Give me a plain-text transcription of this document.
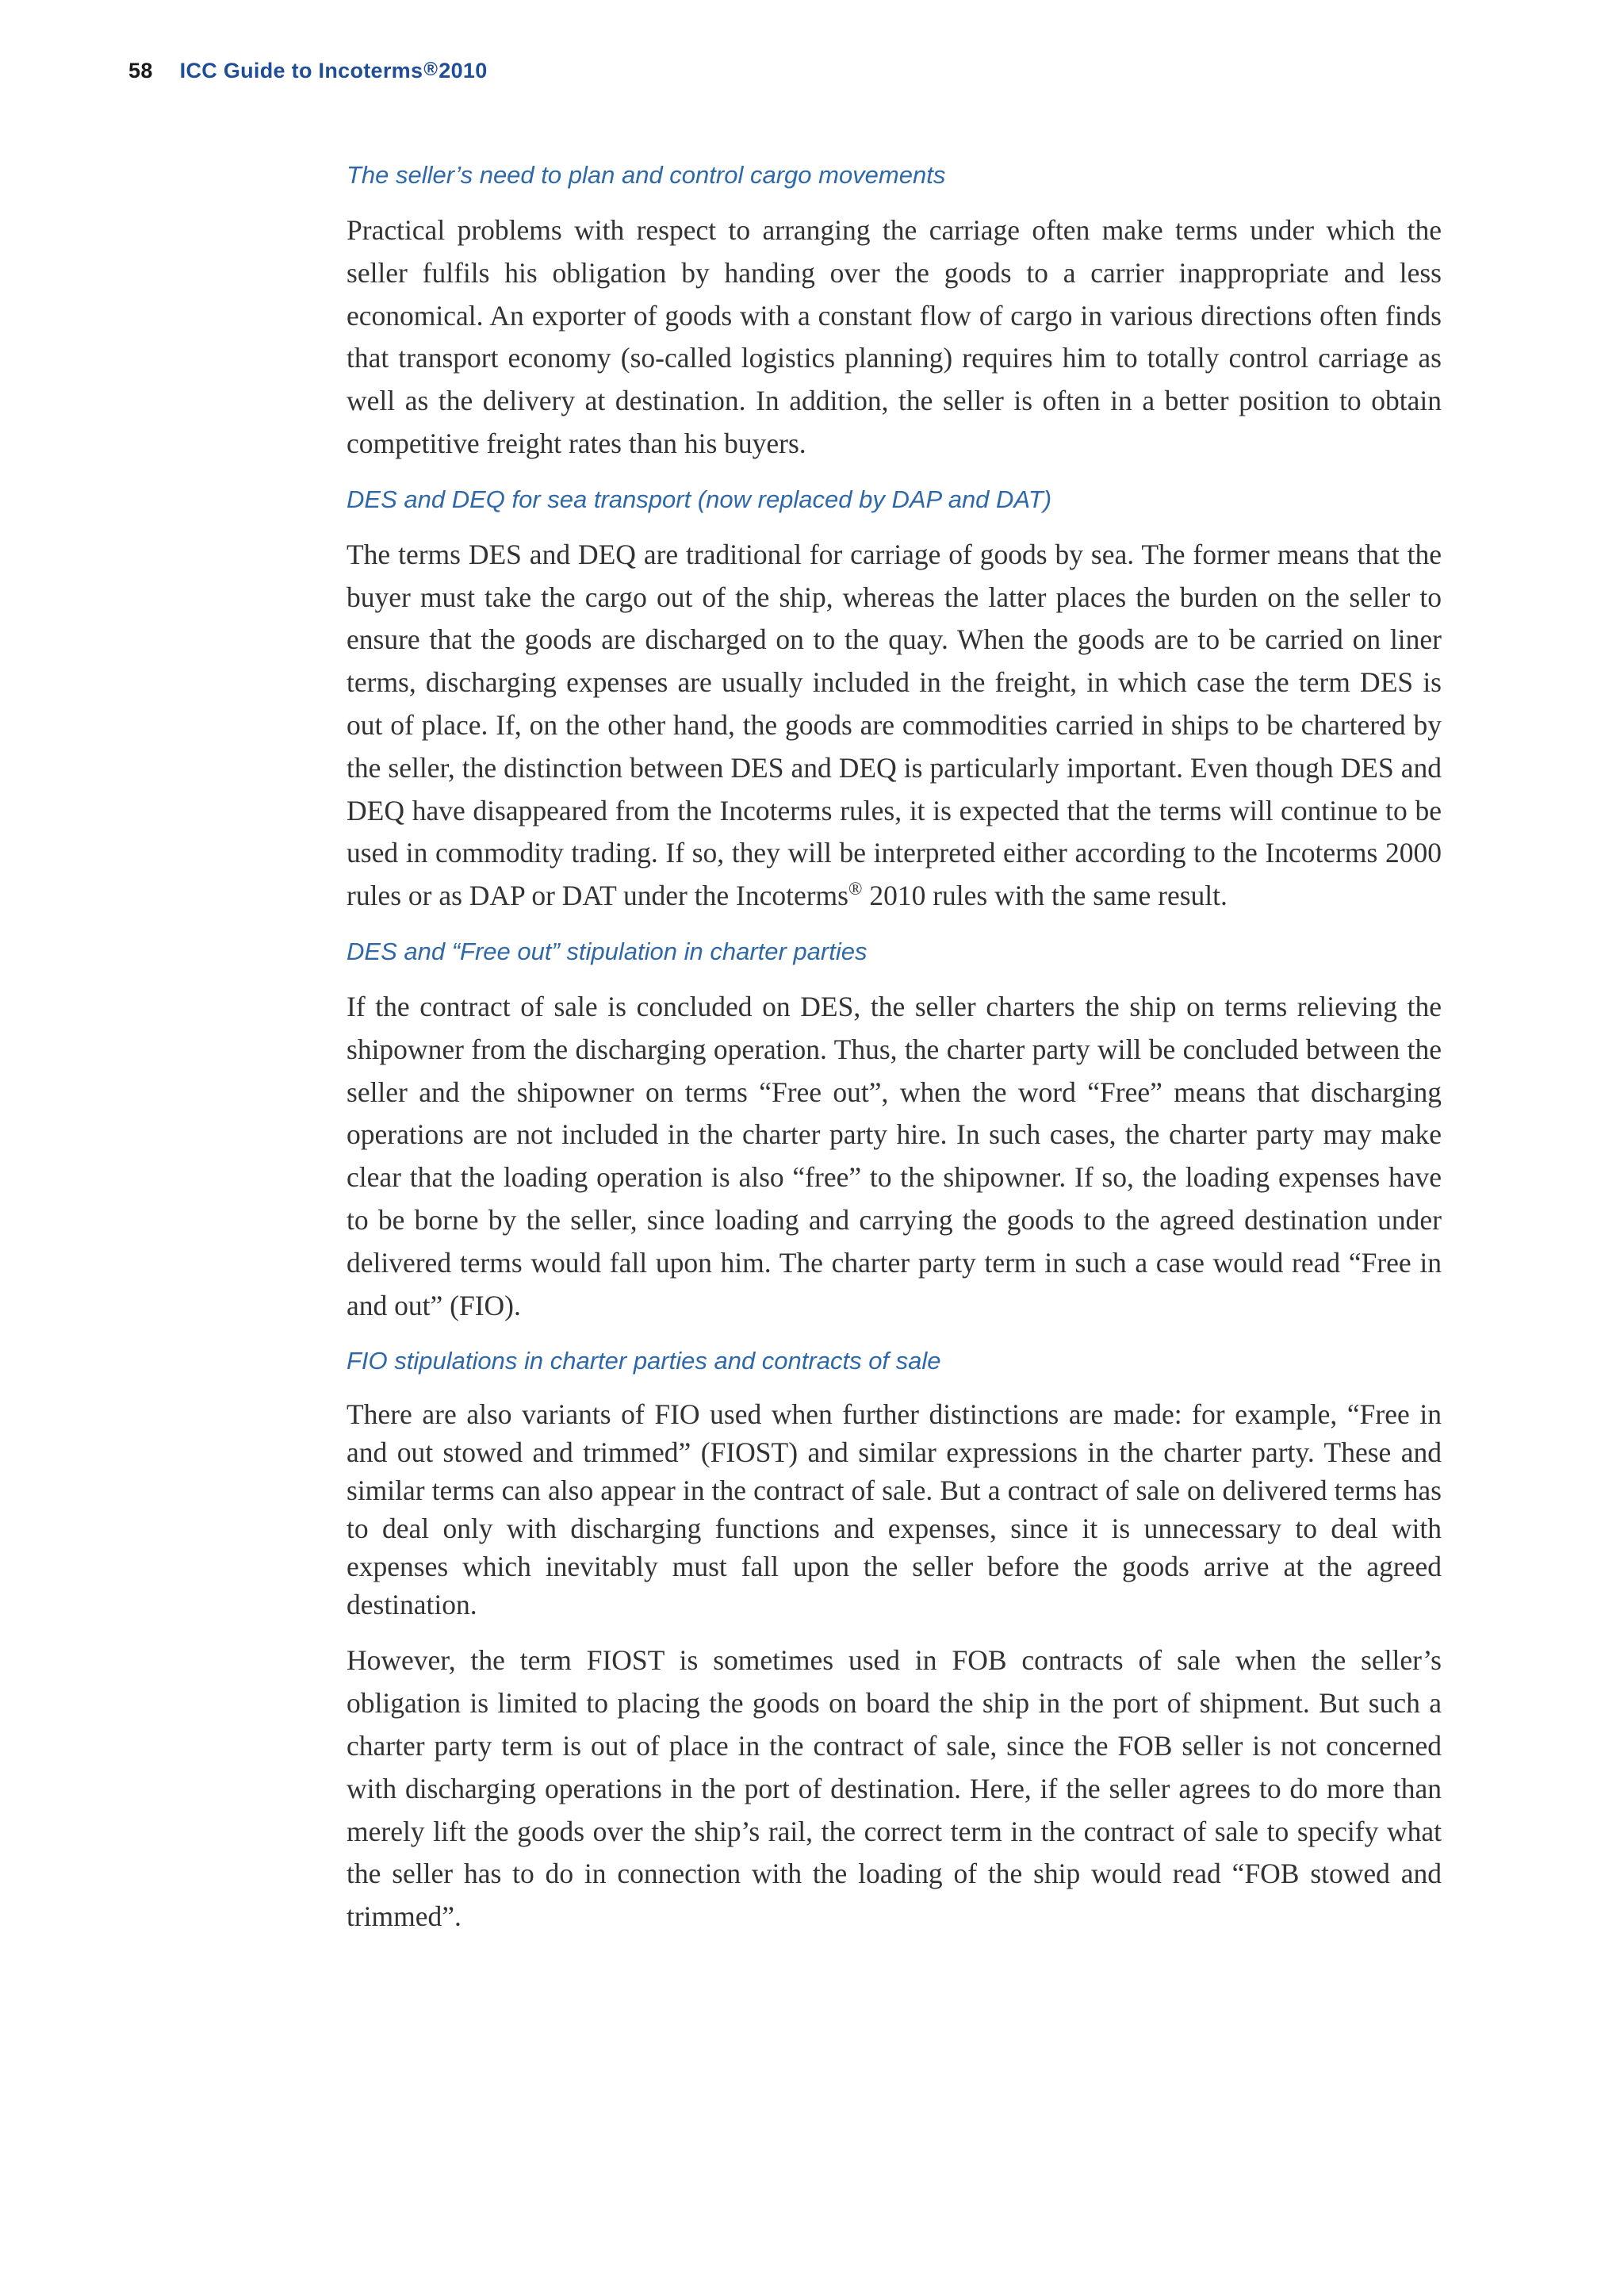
58 ICC Guide to Incoterms®2010
The seller’s need to plan and control cargo movements

Practical problems with respect to arranging the carriage often make terms under which the seller fulfils his obligation by handing over the goods to a carrier inappropriate and less economical. An exporter of goods with a constant flow of cargo in various directions often finds that transport economy (so-called logistics planning) requires him to totally control carriage as well as the delivery at destination. In addition, the seller is often in a better position to obtain competitive freight rates than his buyers.

DES and DEQ for sea transport (now replaced by DAP and DAT)

The terms DES and DEQ are traditional for carriage of goods by sea. The former means that the buyer must take the cargo out of the ship, whereas the latter places the burden on the seller to ensure that the goods are discharged on to the quay. When the goods are to be carried on liner terms, discharging expenses are usually included in the freight, in which case the term DES is out of place. If, on the other hand, the goods are commodities carried in ships to be chartered by the seller, the distinction between DES and DEQ is particularly important. Even though DES and DEQ have disappeared from the Incoterms rules, it is expected that the terms will continue to be used in commodity trading. If so, they will be interpreted either according to the Incoterms 2000 rules or as DAP or DAT under the Incoterms® 2010 rules with the same result.

DES and “Free out” stipulation in charter parties

If the contract of sale is concluded on DES, the seller charters the ship on terms relieving the shipowner from the discharging operation. Thus, the charter party will be concluded between the seller and the shipowner on terms “Free out”, when the word “Free” means that discharging operations are not included in the charter party hire. In such cases, the charter party may make clear that the loading operation is also “free” to the shipowner. If so, the loading expenses have to be borne by the seller, since loading and carrying the goods to the agreed destination under delivered terms would fall upon him. The charter party term in such a case would read “Free in and out” (FIO).

FIO stipulations in charter parties and contracts of sale

There are also variants of FIO used when further distinctions are made: for example, “Free in and out stowed and trimmed” (FIOST) and similar expressions in the charter party. These and similar terms can also appear in the contract of sale. But a contract of sale on delivered terms has to deal only with discharging functions and expenses, since it is unnecessary to deal with expenses which inevitably must fall upon the seller before the goods arrive at the agreed destination.

However, the term FIOST is sometimes used in FOB contracts of sale when the seller’s obligation is limited to placing the goods on board the ship in the port of shipment. But such a charter party term is out of place in the contract of sale, since the FOB seller is not concerned with discharging operations in the port of destination. Here, if the seller agrees to do more than merely lift the goods over the ship’s rail, the correct term in the contract of sale to specify what the seller has to do in connection with the loading of the ship would read “FOB stowed and trimmed”.
